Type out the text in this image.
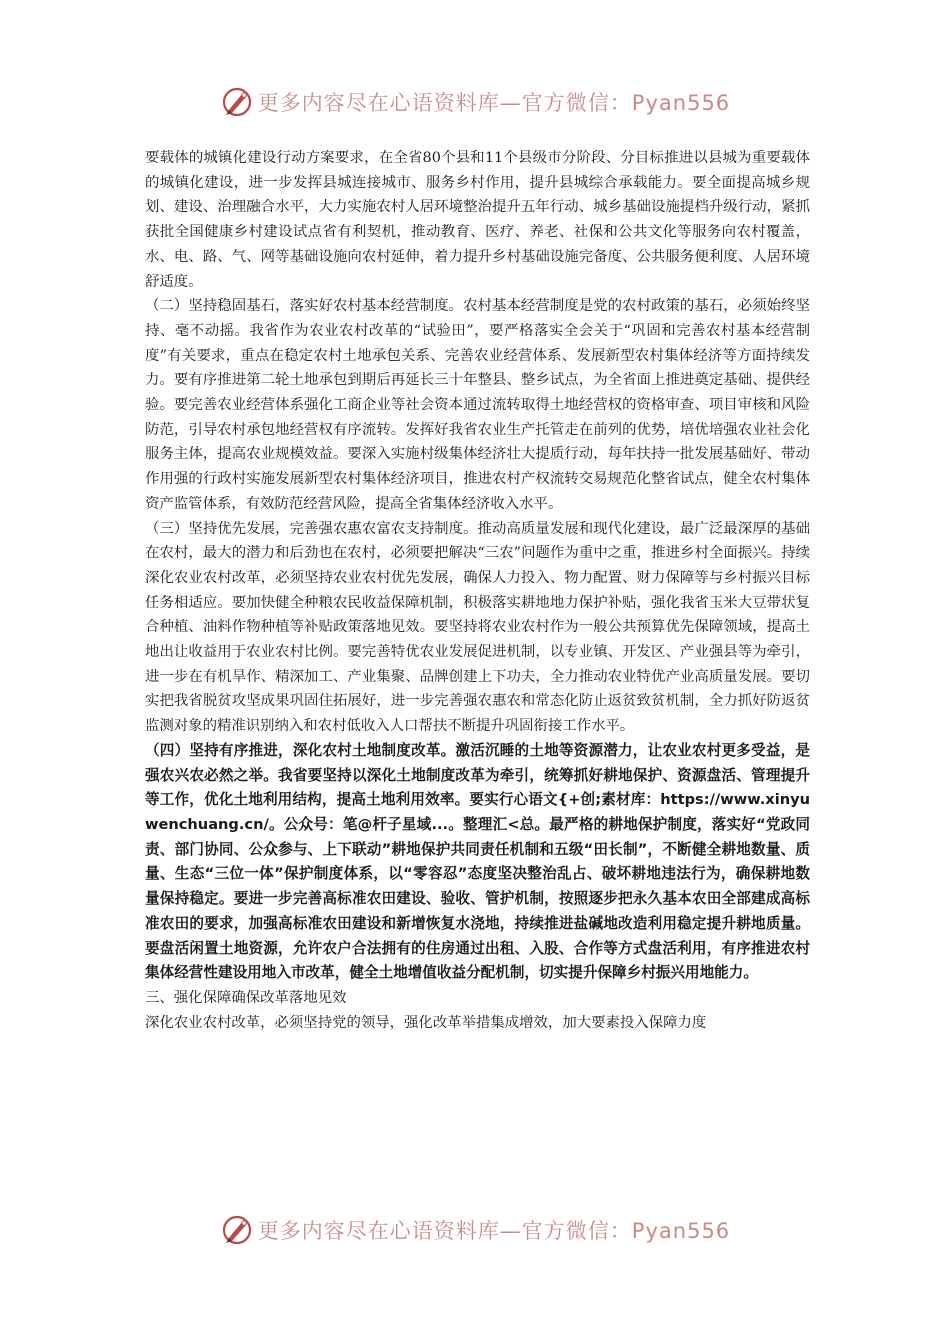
更多内容尽在心语资料库—官方微信：Pyan556

要载体的城镇化建设行动方案要求，在全省80个县和11个县级市分阶段、分目标推进以县城为重要载体的城镇化建设，进一步发挥县城连接城市、服务乡村作用，提升县城综合承载能力。要全面提高城乡规划、建设、治理融合水平，大力实施农村人居环境整治提升五年行动、城乡基础设施提档升级行动，紧抓获批全国健康乡村建设试点省有利契机，推动教育、医疗、养老、社保和公共文化等服务向农村覆盖，水、电、路、气、网等基础设施向农村延伸，着力提升乡村基础设施完备度、公共服务便利度、人居环境舒适度。

（二）坚持稳固基石，落实好农村基本经营制度。农村基本经营制度是党的农村政策的基石，必须始终坚持、毫不动摇。我省作为农业农村改革的“试验田”，要严格落实全会关于“巩固和完善农村基本经营制度”有关要求，重点在稳定农村土地承包关系、完善农业经营体系、发展新型农村集体经济等方面持续发力。要有序推进第二轮土地承包到期后再延长三十年整县、整乡试点，为全省面上推进奠定基础、提供经验。要完善农业经营体系强化工商企业等社会资本通过流转取得土地经营权的资格审查、项目审核和风险防范，引导农村承包地经营权有序流转。发挥好我省农业生产托管走在前列的优势，培优培强农业社会化服务主体，提高农业规模效益。要深入实施村级集体经济壮大提质行动，每年扶持一批发展基础好、带动作用强的行政村实施发展新型农村集体经济项目，推进农村产权流转交易规范化整省试点，健全农村集体资产监管体系，有效防范经营风险，提高全省集体经济收入水平。

（三）坚持优先发展，完善强农惠农富农支持制度。推动高质量发展和现代化建设，最广泛最深厚的基础在农村，最大的潜力和后劲也在农村，必须要把解决“三农”问题作为重中之重，推进乡村全面振兴。持续深化农业农村改革，必须坚持农业农村优先发展，确保人力投入、物力配置、财力保障等与乡村振兴目标任务相适应。要加快健全种粮农民收益保障机制，积极落实耕地地力保护补贴，强化我省玉米大豆带状复合种植、油料作物种植等补贴政策落地见效。要坚持将农业农村作为一般公共预算优先保障领域，提高土地出让收益用于农业农村比例。要完善特优农业发展促进机制，以专业镇、开发区、产业强县等为牵引，进一步在有机旱作、精深加工、产业集聚、品牌创建上下功夫，全力推动农业特优产业高质量发展。要切实把我省脱贫攻坚成果巩固住拓展好，进一步完善强农惠农和常态化防止返贫致贫机制，全力抓好防返贫监测对象的精准识别纳入和农村低收入人口帮扶不断提升巩固衔接工作水平。

（四）坚持有序推进，深化农村土地制度改革。激活沉睡的土地等资源潜力，让农业农村更多受益，是强农兴农必然之举。我省要坚持以深化土地制度改革为牵引，统筹抓好耕地保护、资源盘活、管理提升等工作，优化土地利用结构，提高土地利用效率。要实行心语文{+创;素材库：https://www.xinyuwenchuang.cn/。公众号：笔@杆子星域...。整理汇<总。最严格的耕地保护制度，落实好“党政同责、部门协同、公众参与、上下联动”耕地保护共同责任机制和五级“田长制”，不断健全耕地数量、质量、生态“三位一体”保护制度体系，以“零容忍”态度坚决整治乱占、破坏耕地违法行为，确保耕地数量保持稳定。要进一步完善高标准农田建设、验收、管护机制，按照逐步把永久基本农田全部建成高标准农田的要求，加强高标准农田建设和新增恢复水浇地，持续推进盐碱地改造利用稳定提升耕地质量。要盘活闲置土地资源，允许农户合法拥有的住房通过出租、入股、合作等方式盘活利用，有序推进农村集体经营性建设用地入市改革，健全土地增值收益分配机制，切实提升保障乡村振兴用地能力。

三、强化保障确保改革落地见效

深化农业农村改革，必须坚持党的领导，强化改革举措集成增效，加大要素投入保障力度

更多内容尽在心语资料库—官方微信：Pyan556
